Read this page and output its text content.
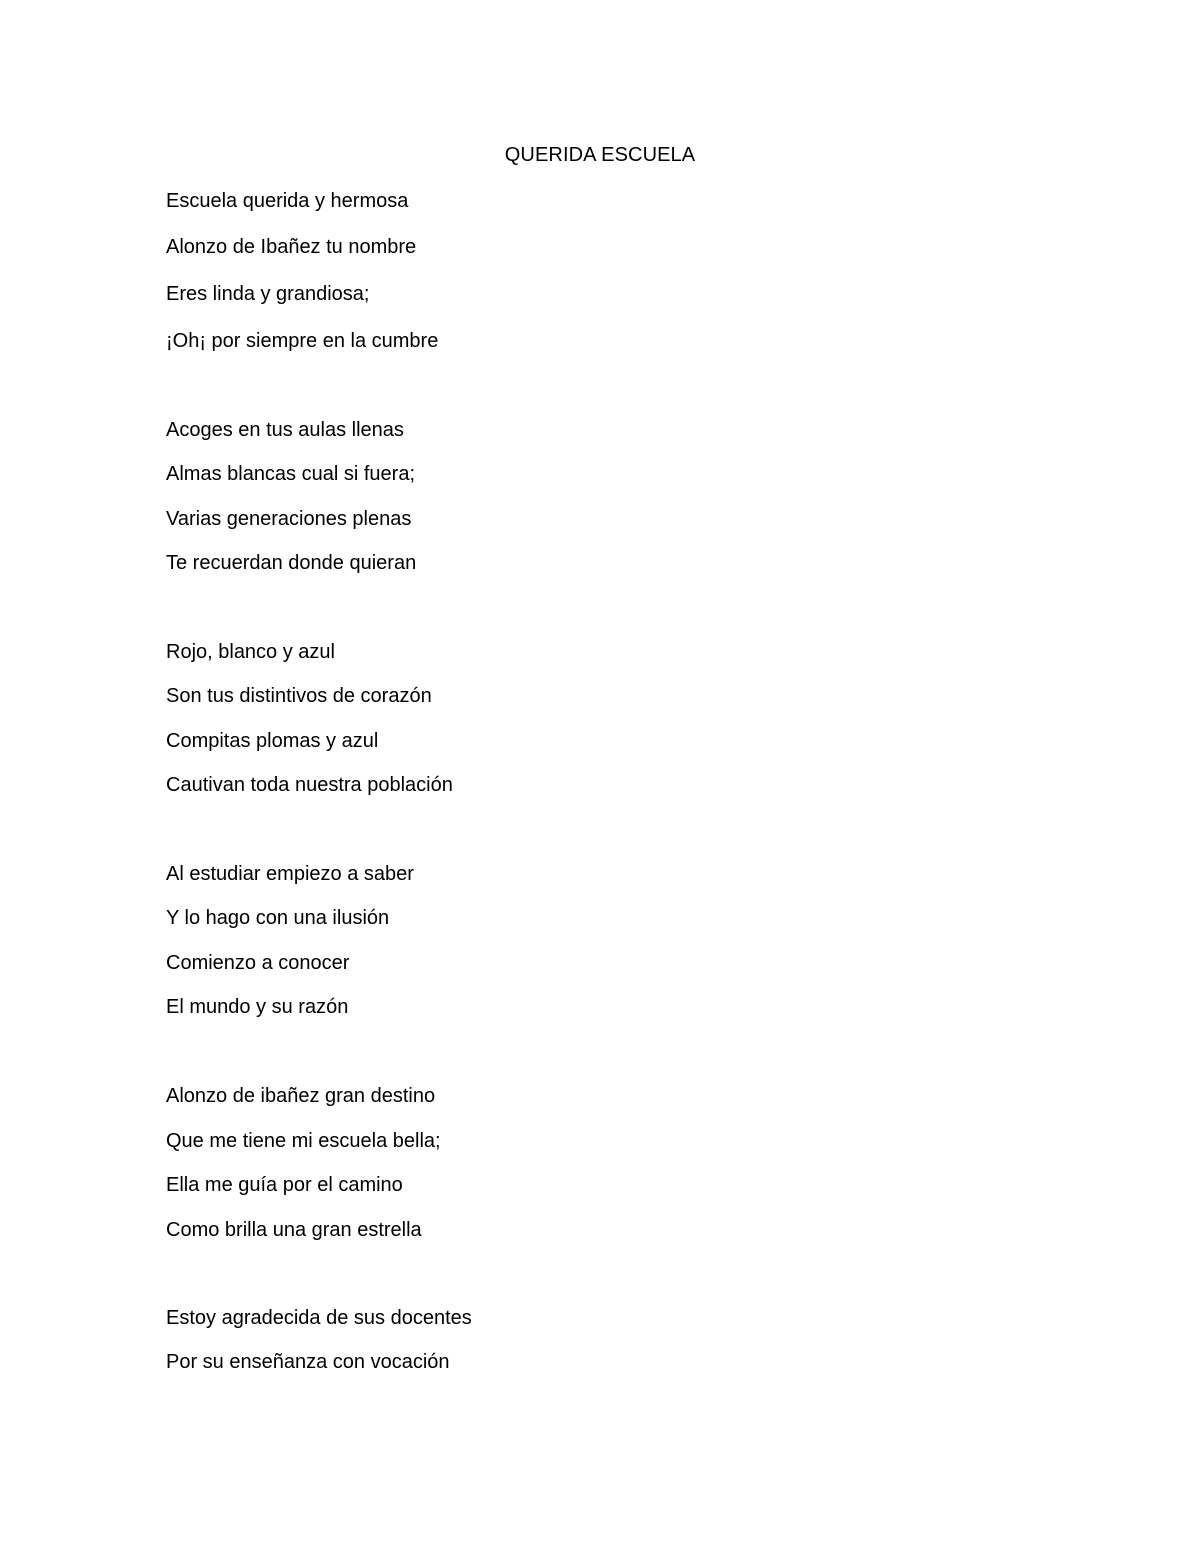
QUERIDA ESCUELA
Escuela querida y hermosa
Alonzo de Ibañez tu nombre
Eres linda y grandiosa;
¡Oh¡ por siempre en la cumbre
Acoges en tus aulas llenas
Almas blancas cual si fuera;
Varias generaciones plenas
Te recuerdan donde quieran
Rojo, blanco y azul
Son tus distintivos de corazón
Compitas plomas y azul
Cautivan toda nuestra población
Al estudiar empiezo a saber
Y lo hago con una ilusión
Comienzo a conocer
El mundo y su razón
Alonzo de ibañez gran destino
Que me tiene mi escuela bella;
Ella me guía por el camino
Como brilla una gran estrella
Estoy agradecida de sus docentes
Por su enseñanza con vocación
